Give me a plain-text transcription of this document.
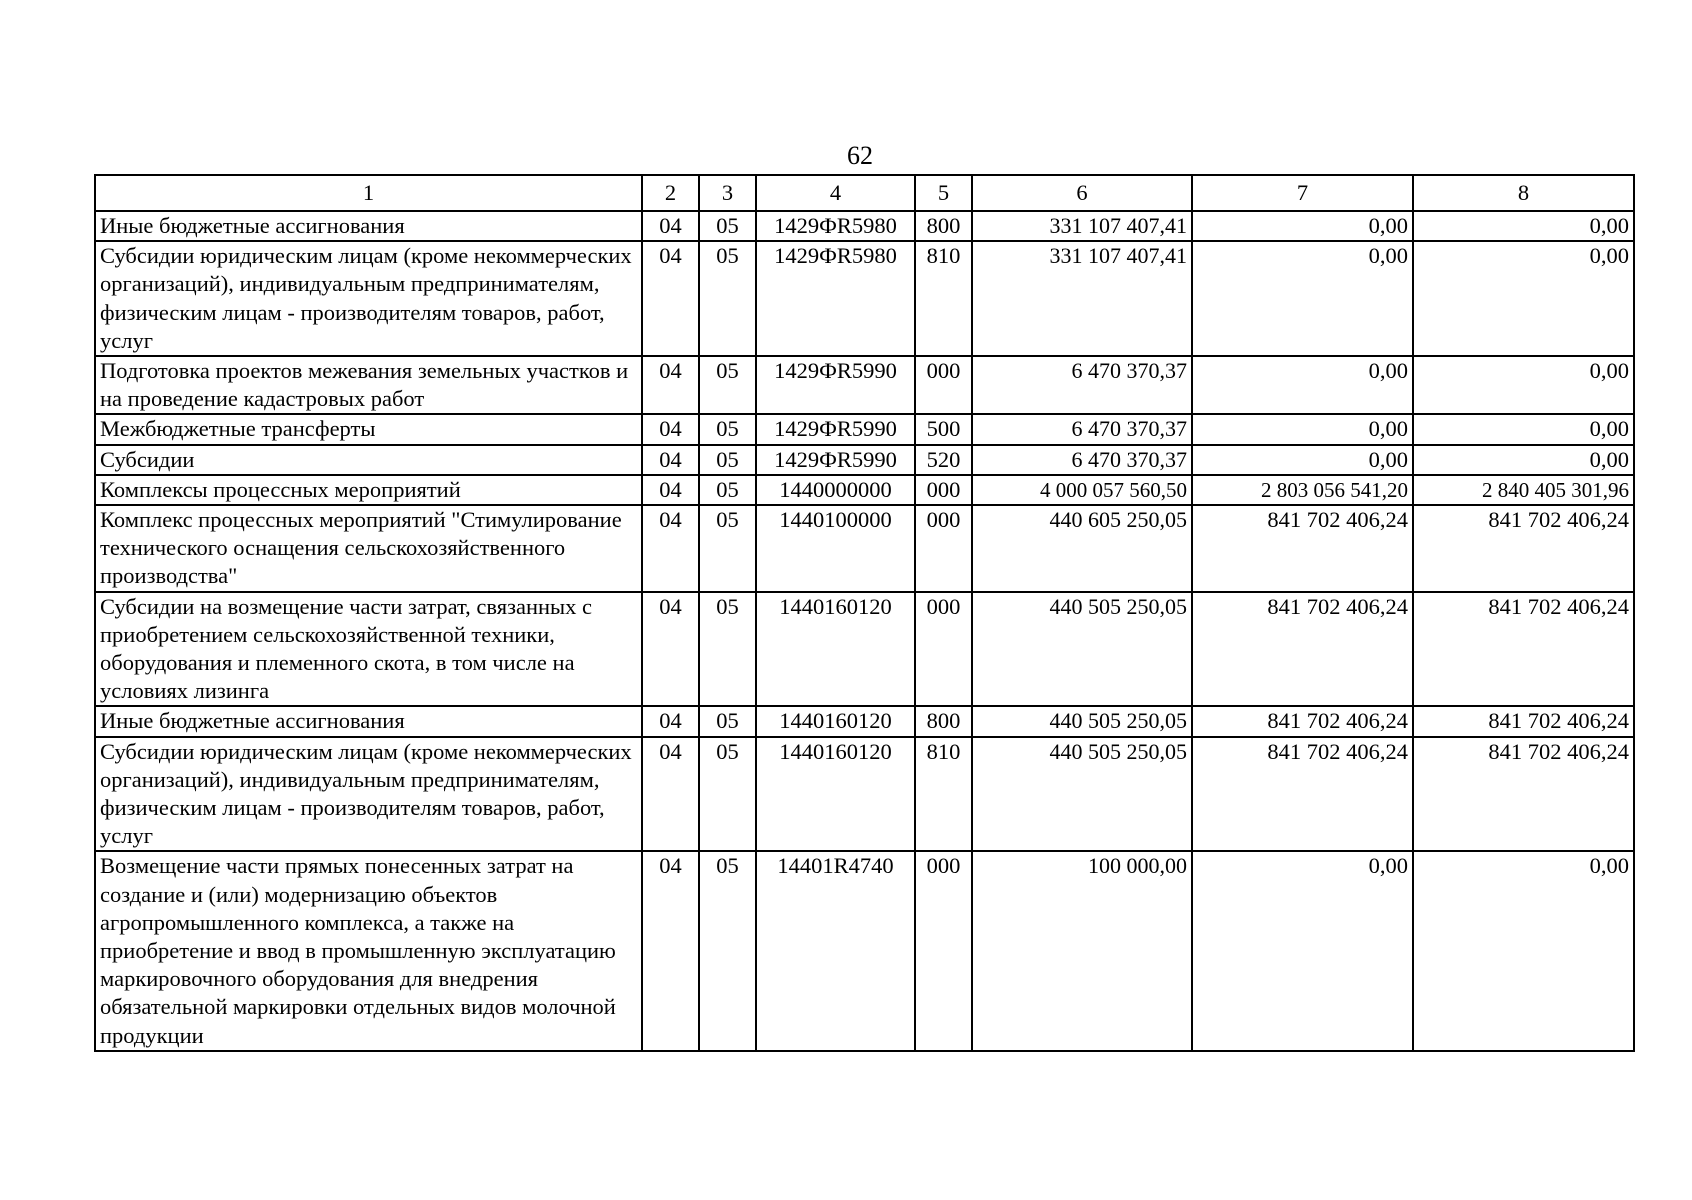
62
1	2	3	4	5	6	7	8
Иные бюджетные ассигнования	04	05	1429ФR5980	800	331 107 407,41	0,00	0,00
Субсидии юридическим лицам (кроме некоммерческих организаций), индивидуальным предпринимателям, физическим лицам - производителям товаров, работ, услуг	04	05	1429ФR5980	810	331 107 407,41	0,00	0,00
Подготовка проектов межевания земельных участков и на проведение кадастровых работ	04	05	1429ФR5990	000	6 470 370,37	0,00	0,00
Межбюджетные трансферты	04	05	1429ФR5990	500	6 470 370,37	0,00	0,00
Субсидии	04	05	1429ФR5990	520	6 470 370,37	0,00	0,00
Комплексы процессных мероприятий	04	05	1440000000	000	4 000 057 560,50	2 803 056 541,20	2 840 405 301,96
Комплекс процессных мероприятий "Стимулирование технического оснащения сельскохозяйственного производства"	04	05	1440100000	000	440 605 250,05	841 702 406,24	841 702 406,24
Субсидии на возмещение части затрат, связанных с приобретением сельскохозяйственной техники, оборудования и племенного скота, в том числе на условиях лизинга	04	05	1440160120	000	440 505 250,05	841 702 406,24	841 702 406,24
Иные бюджетные ассигнования	04	05	1440160120	800	440 505 250,05	841 702 406,24	841 702 406,24
Субсидии юридическим лицам (кроме некоммерческих организаций), индивидуальным предпринимателям, физическим лицам - производителям товаров, работ, услуг	04	05	1440160120	810	440 505 250,05	841 702 406,24	841 702 406,24
Возмещение части прямых понесенных затрат на создание и (или) модернизацию объектов агропромышленного комплекса, а также на приобретение и ввод в промышленную эксплуатацию маркировочного оборудования для внедрения обязательной маркировки отдельных видов молочной продукции	04	05	14401R4740	000	100 000,00	0,00	0,00
